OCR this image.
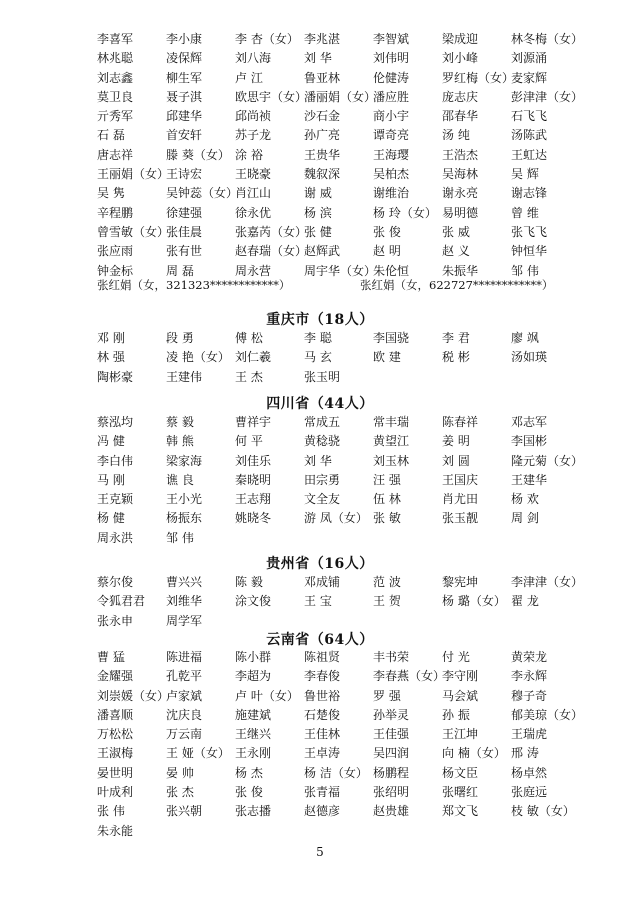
李喜军	李小康	李 杏（女） 李兆湛	李智斌	梁成迎	林冬梅（女）
林兆聪	凌保辉	刘八海	刘 华	刘伟明	刘小峰	刘源涌
刘志鑫	柳生军	卢 江	鲁亚林	伦健涛	罗红梅（女）麦家辉
莫卫良	聂子淇	欧思宇（女）潘丽娟（女）潘应胜	庞志庆	彭津津（女）
亓秀军	邱建华	邱尚祯	沙石金	商小宇	邵春华	石飞飞
石 磊	首安轩	苏子龙	孙广亮	谭奇亮	汤 纯	汤陈武
唐志祥	滕 葵（女） 涂 裕	王贵华	王海璎	王浩杰	王虹达
王丽娟（女）王诗宏	王晓豪	魏叙深	吴柏杰	吴海林	吴 辉
吴 隽	吴钟蕊（女）肖江山	谢 威	谢维治	谢永亮	谢志锋
辛程鹏	徐建强	徐永优	杨 滨	杨 玲（女） 易明德	曾 维
曾雪敏（女）张佳晨	张嘉芮（女）张 健	张 俊	张 威	张飞飞
张应雨	张有世	赵春瑞（女）赵辉武	赵 明	赵 义	钟恒华
钟金标	周 磊	周永营	周宇华（女）朱伦恒	朱振华	邹 伟
张红娟（女，321323************）	张红娟（女，622727************）
重庆市（18人）
邓 刚	段 勇	傅 松	李 聪	李国骁	李 君	廖 飒
林 强	凌 艳（女） 刘仁羲	马 玄	欧 建	税 彬	汤如瑛
陶彬豪	王建伟	王 杰	张玉明
四川省（44人）
蔡泓均	蔡 毅	曹祥宇	常成五	常丰瑞	陈春祥	邓志军
冯 健	韩 熊	何 平	黄稔骁	黄望江	姜 明	李国彬
李白伟	梁家海	刘佳乐	刘 华	刘玉林	刘 圆	隆元菊（女）
马 刚	谯 良	秦晓明	田宗勇	汪 强	王国庆	王建华
王克颖	王小光	王志翔	文全友	伍 林	肖尤田	杨 欢
杨 健	杨振东	姚晓冬	游 凤（女） 张 敏	张玉靓	周 剑
周永洪	邹 伟
贵州省（16人）
蔡尔俊	曹兴兴	陈 毅	邓成铺	范 波	黎宪坤	李津津（女）
令狐君君 刘维华	涂文俊	王 宝	王 贺	杨 璐（女） 翟 龙
张永申	周学军
云南省（64人）
曹 猛	陈进福	陈小群	陈祖贤	丰书荣	付 光	黄荣龙
金耀强	孔乾平	李超为	李春俊	李春燕（女）李守刚	李永辉
刘崇媛（女）卢家斌	卢 叶（女） 鲁世裕	罗 强	马会斌	穆子奇
潘喜顺	沈庆良	施建斌	石楚俊	孙举灵	孙 振	郁美琼（女）
万松松	万云南	王继兴	王佳林	王佳强	王江坤	王瑞虎
王淑梅	王 娅（女） 王永刚	王卓涛	吴四润	向 楠（女） 邢 涛
晏世明	晏 帅	杨 杰	杨 洁（女） 杨鹏程	杨文臣	杨卓然
叶成利	张 杰	张 俊	张青福	张绍明	张曙红	张庭远
张 伟	张兴朝	张志播	赵德彦	赵贵雄	郑文飞	枝 敏（女）
朱永能
5
